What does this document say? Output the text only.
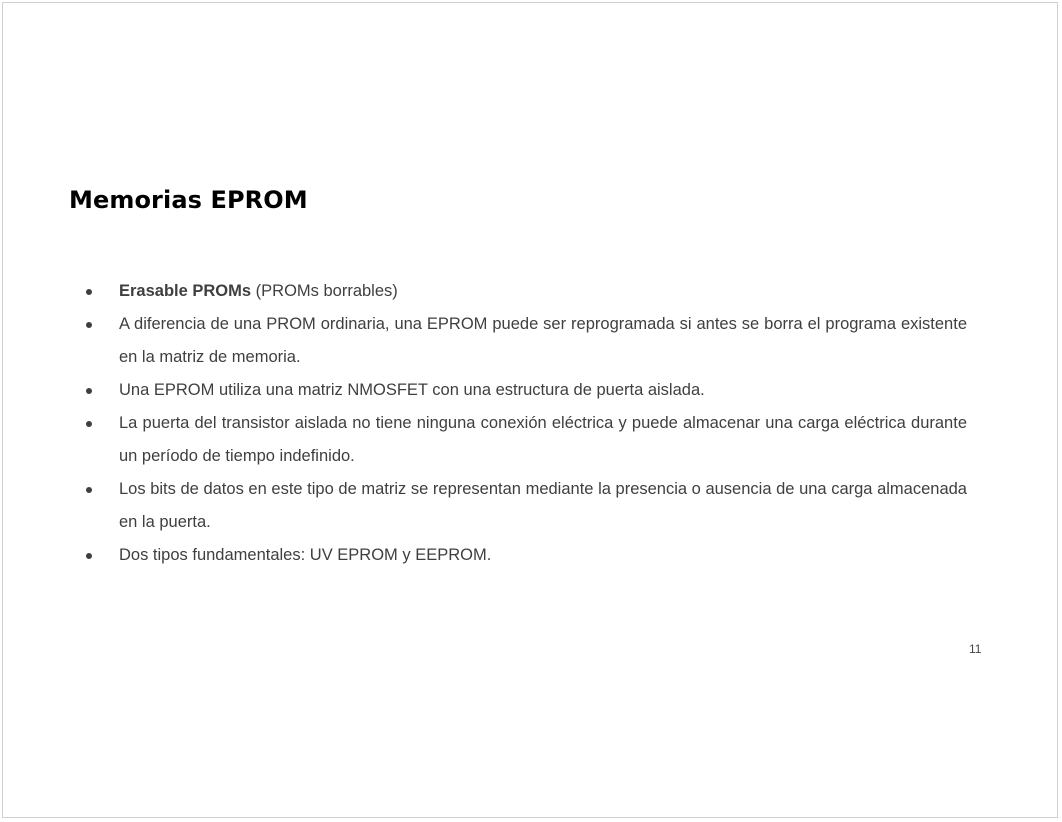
Memorias EPROM
Erasable PROMs (PROMs borrables)
A diferencia de una PROM ordinaria, una EPROM puede ser reprogramada si antes se borra el programa existente en la matriz de memoria.
Una EPROM utiliza una matriz NMOSFET con una estructura de puerta aislada.
La puerta del transistor aislada no tiene ninguna conexión eléctrica y puede almacenar una carga eléctrica durante un período de tiempo indefinido.
Los bits de datos en este tipo de matriz se representan mediante la presencia o ausencia de una carga almacenada en la puerta.
Dos tipos fundamentales: UV EPROM y EEPROM.
11
